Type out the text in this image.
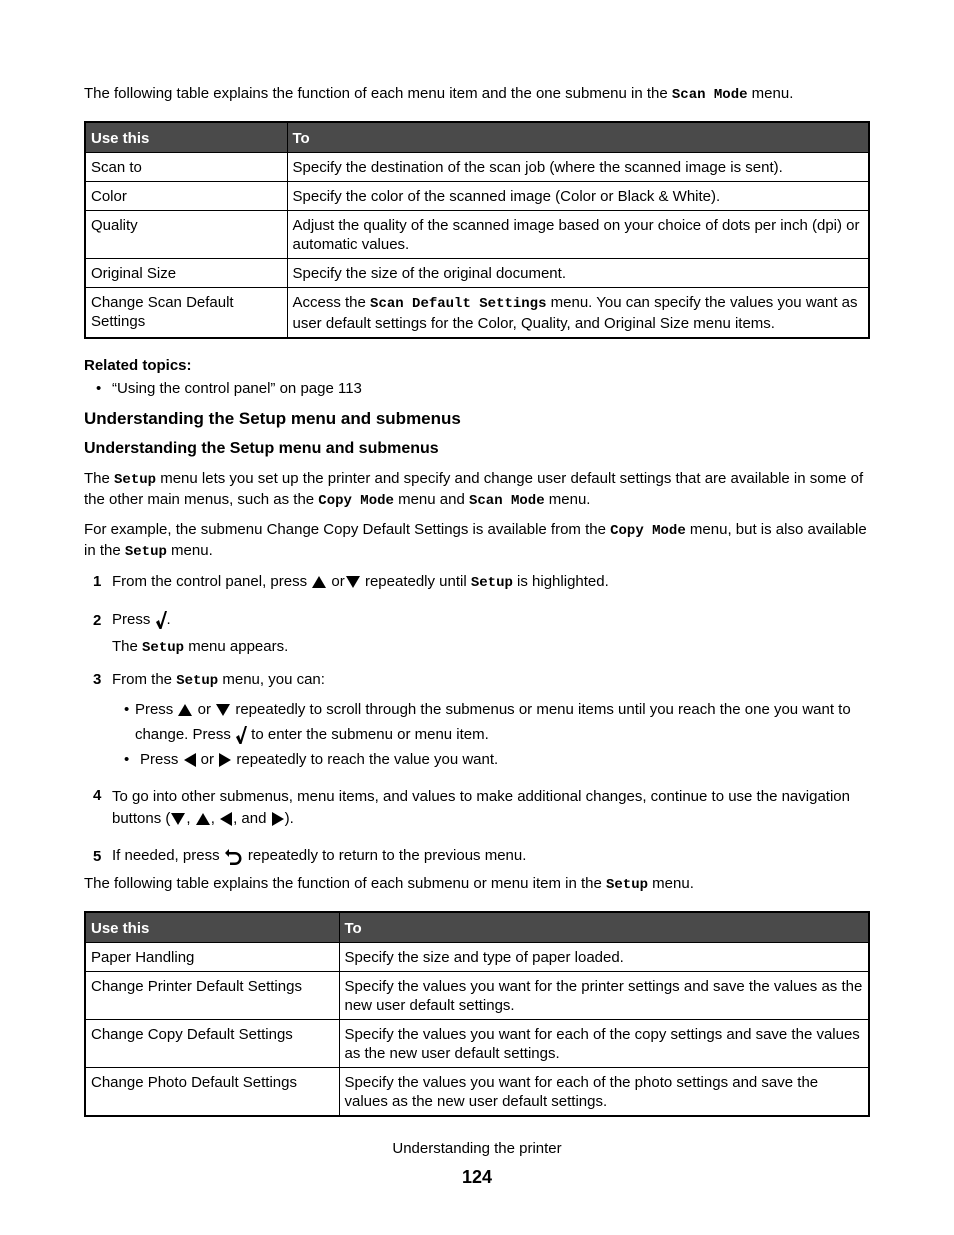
The following table explains the function of each menu item and the one submenu in the Scan Mode menu.

Use this	To
Scan to	Specify the destination of the scan job (where the scanned image is sent).
Color	Specify the color of the scanned image (Color or Black & White).
Quality	Adjust the quality of the scanned image based on your choice of dots per inch (dpi) or automatic values.
Original Size	Specify the size of the original document.
Change Scan Default Settings	Access the Scan Default Settings menu. You can specify the values you want as user default settings for the Color, Quality, and Original Size menu items.

Related topics:

• “Using the control panel” on page 113
Understanding the Setup menu and submenus
Understanding the Setup menu and submenus

The Setup menu lets you set up the printer and specify and change user default settings that are available in some of the other main menus, such as the Copy Mode menu and Scan Mode menu.

For example, the submenu Change Copy Default Settings is available from the Copy Mode menu, but is also available in the Setup menu.

1 From the control panel, press  or repeatedly until Setup is highlighted.
2 Press .
The Setup menu appears.
3 From the Setup menu, you can:
• Press  or  repeatedly to scroll through the submenus or menu items until you reach the one you want to change. Press  to enter the submenu or menu item.
• Press  or  repeatedly to reach the value you want.
4 To go into other submenus, menu items, and values to make additional changes, continue to use the navigation buttons ( , , , and ).
5 If needed, press  repeatedly to return to the previous menu.

The following table explains the function of each submenu or menu item in the Setup menu.

Use this	To
Paper Handling	Specify the size and type of paper loaded.
Change Printer Default Settings	Specify the values you want for the printer settings and save the values as the new user default settings.
Change Copy Default Settings	Specify the values you want for each of the copy settings and save the values as the new user default settings.
Change Photo Default Settings	Specify the values you want for each of the photo settings and save the values as the new user default settings.
Understanding the printer
124
